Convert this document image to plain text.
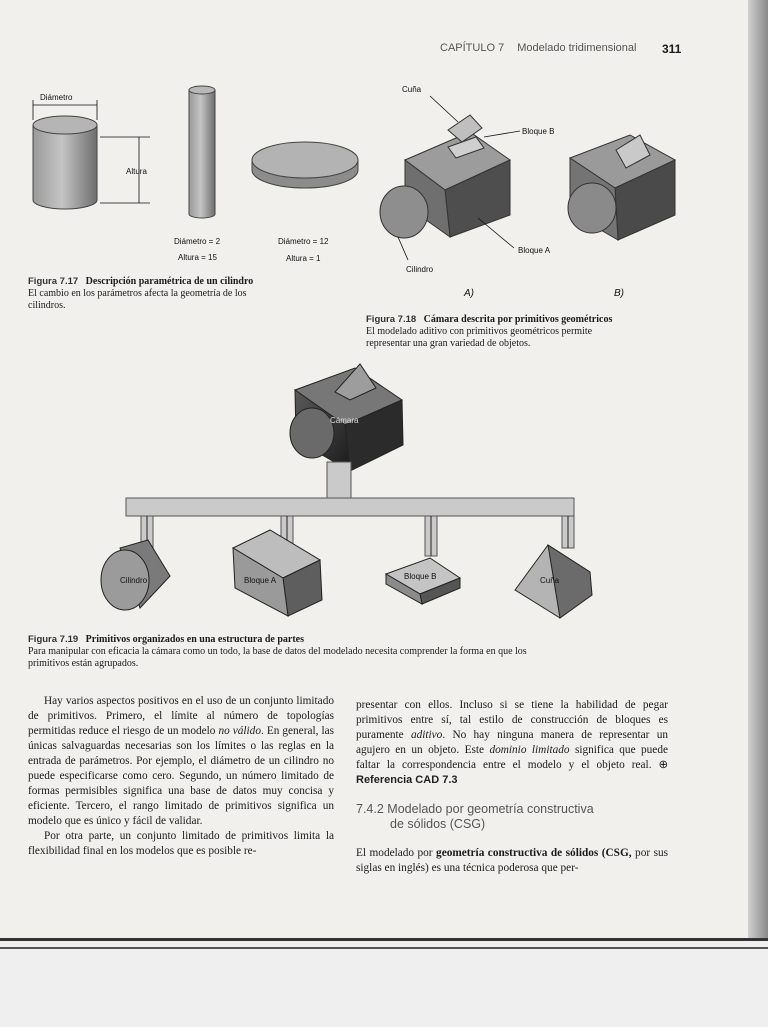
CAPÍTULO 7 Modelado tridimensional 311
Diámetro
Altura
Diámetro = 2
Altura = 15
Diámetro = 12
Altura = 1
Figura 7.17 Descripción paramétrica de un cilindro
El cambio en los parámetros afecta la geometría de los
cilindros.
Cuña
Bloque B
Bloque A
Cilindro
A)	B)
Figura 7.18 Cámara descrita por primitivos geométricos
El modelado aditivo con primitivos geométricos permite
representar una gran variedad de objetos.
Cámara
Cilindro	Bloque A	Bloque B	Cuña
Figura 7.19 Primitivos organizados en una estructura de partes
Para manipular con eficacia la cámara como un todo, la base de datos del modelado necesita comprender la forma en que los
primitivos están agrupados.

Hay varios aspectos positivos en el uso de un conjunto limitado de primitivos. Primero, el límite al número de topologías permitidas reduce el riesgo de un modelo no válido. En general, las únicas salvaguardas necesarias son los límites o las reglas en la entrada de parámetros. Por ejemplo, el diámetro de un cilindro no puede especificarse como cero. Segundo, un número limitado de formas permisibles significa una base de datos muy concisa y eficiente. Tercero, el rango limitado de primitivos significa un modelo que es único y fácil de validar.

Por otra parte, un conjunto limitado de primitivos limita la flexibilidad final en los modelos que es posible re-

presentar con ellos. Incluso si se tiene la habilidad de pegar primitivos entre sí, tal estilo de construcción de bloques es puramente aditivo. No hay ninguna manera de representar un agujero en un objeto. Este dominio limitado significa que puede faltar la correspondencia entre el modelo y el objeto real. ⊕ Referencia CAD 7.3

7.4.2 Modelado por geometría constructiva
de sólidos (CSG)

El modelado por geometría constructiva de sólidos (CSG, por sus siglas en inglés) es una técnica poderosa que per-
